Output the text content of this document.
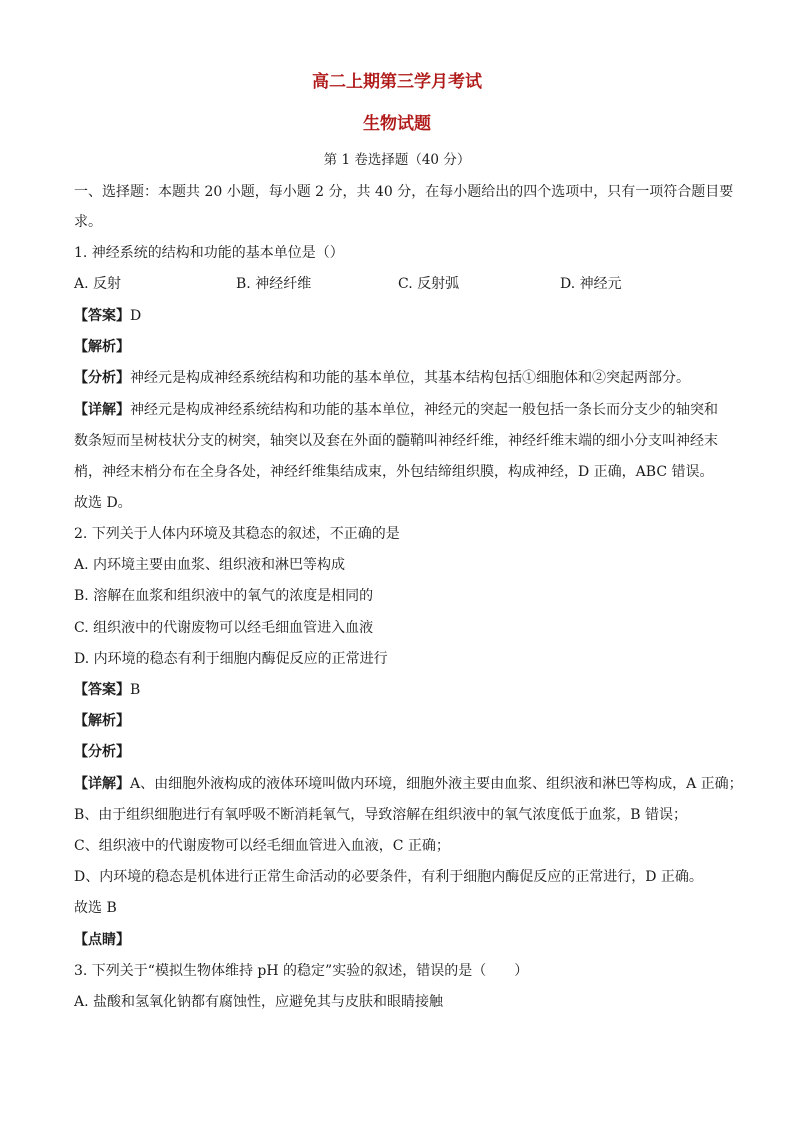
高二上期第三学月考试
生物试题
第 1 卷选择题（40 分）
一、选择题：本题共 20 小题，每小题 2 分，共 40 分，在每小题给出的四个选项中，只有一项符合题目要
求。
1. 神经系统的结构和功能的基本单位是（）
A. 反射	B. 神经纤维	C. 反射弧	D. 神经元
【答案】D
【解析】
【分析】神经元是构成神经系统结构和功能的基本单位，其基本结构包括①细胞体和②突起两部分。
【详解】神经元是构成神经系统结构和功能的基本单位，神经元的突起一般包括一条长而分支少的轴突和
数条短而呈树枝状分支的树突，轴突以及套在外面的髓鞘叫神经纤维，神经纤维末端的细小分支叫神经末
梢，神经末梢分布在全身各处，神经纤维集结成束，外包结缔组织膜，构成神经，D 正确，ABC 错误。
故选 D。
2. 下列关于人体内环境及其稳态的叙述，不正确的是
A. 内环境主要由血浆、组织液和淋巴等构成
B. 溶解在血浆和组织液中的氧气的浓度是相同的
C. 组织液中的代谢废物可以经毛细血管进入血液
D. 内环境的稳态有利于细胞内酶促反应的正常进行
【答案】B
【解析】
【分析】
【详解】A、由细胞外液构成的液体环境叫做内环境，细胞外液主要由血浆、组织液和淋巴等构成，A 正确；
B、由于组织细胞进行有氧呼吸不断消耗氧气，导致溶解在组织液中的氧气浓度低于血浆，B 错误；
C、组织液中的代谢废物可以经毛细血管进入血液，C 正确；
D、内环境的稳态是机体进行正常生命活动的必要条件，有利于细胞内酶促反应的正常进行，D 正确。
故选 B
【点睛】
3. 下列关于“模拟生物体维持 pH 的稳定”实验的叙述，错误的是（　　）
A. 盐酸和氢氧化钠都有腐蚀性，应避免其与皮肤和眼睛接触
